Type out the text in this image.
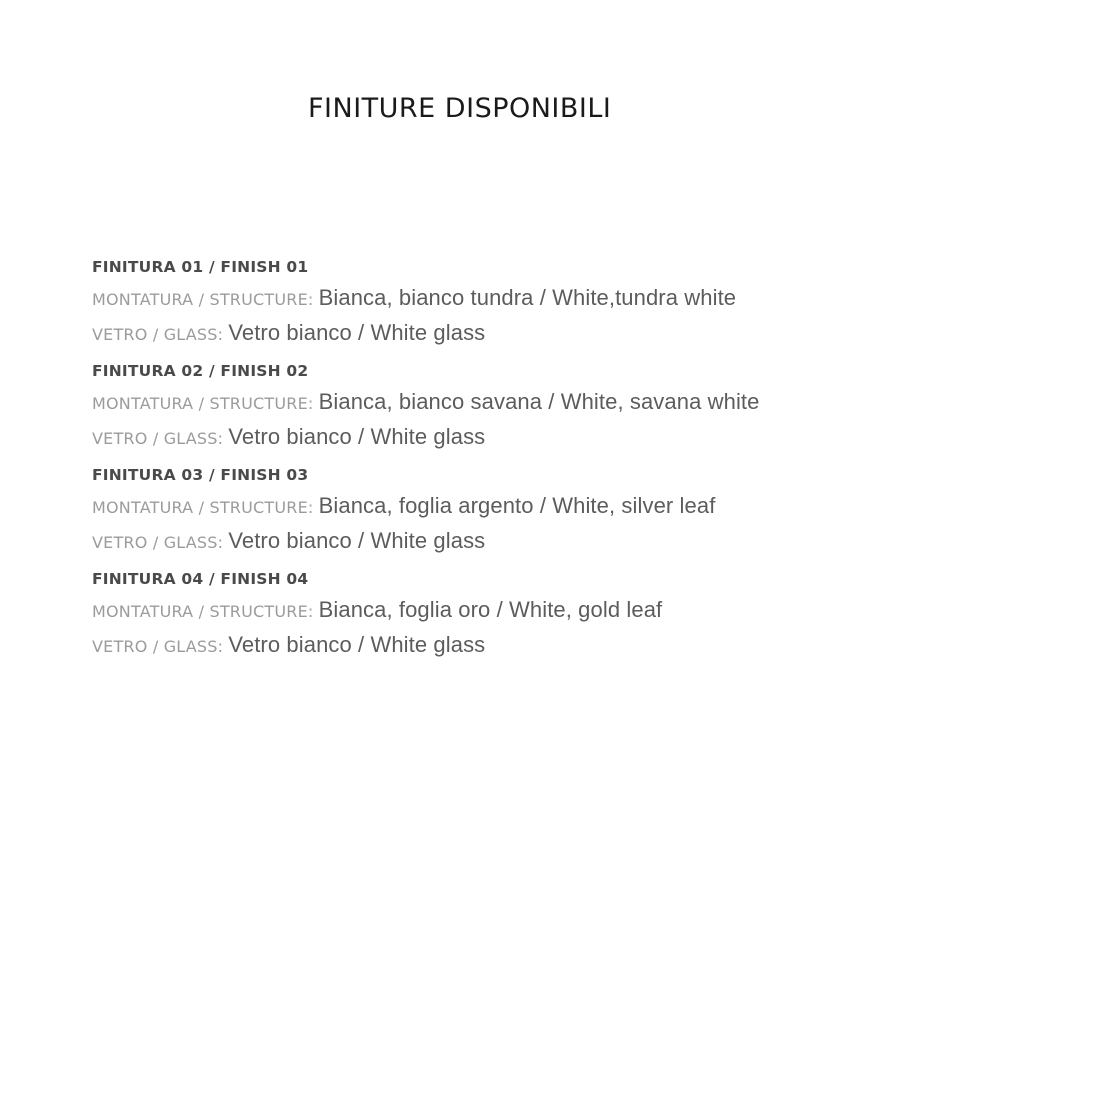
FINITURE DISPONIBILI
FINITURA 01 / FINISH 01
MONTATURA / STRUCTURE: Bianca, bianco tundra / White,tundra white
VETRO / GLASS: Vetro bianco / White glass
FINITURA 02 / FINISH 02
MONTATURA / STRUCTURE: Bianca, bianco savana / White, savana white
VETRO / GLASS: Vetro bianco / White glass
FINITURA 03 / FINISH 03
MONTATURA / STRUCTURE: Bianca, foglia argento / White, silver leaf
VETRO / GLASS: Vetro bianco / White glass
FINITURA 04 / FINISH 04
MONTATURA / STRUCTURE: Bianca, foglia oro / White, gold leaf
VETRO / GLASS: Vetro bianco / White glass
